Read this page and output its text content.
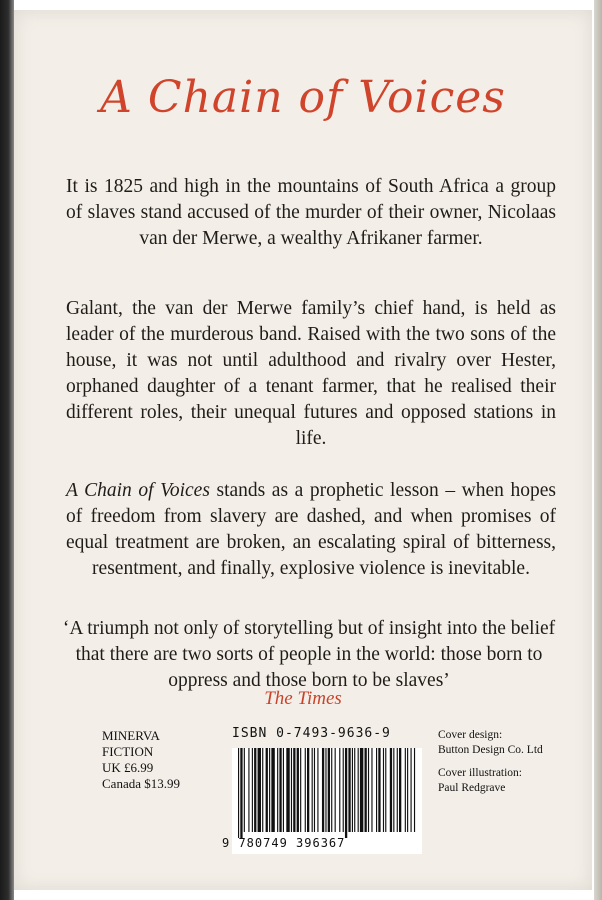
A Chain of Voices
It is 1825 and high in the mountains of South Africa a group of slaves stand accused of the murder of their owner, Nicolaas van der Merwe, a wealthy Afrikaner farmer.
Galant, the van der Merwe family’s chief hand, is held as leader of the murderous band. Raised with the two sons of the house, it was not until adulthood and rivalry over Hester, orphaned daughter of a tenant farmer, that he realised their different roles, their unequal futures and opposed stations in life.
A Chain of Voices stands as a prophetic lesson – when hopes of freedom from slavery are dashed, and when promises of equal treatment are broken, an escalating spiral of bitterness, resentment, and finally, explosive violence is inevitable.
‘A triumph not only of storytelling but of insight into the belief that there are two sorts of people in the world: those born to oppress and those born to be slaves’
The Times
MINERVA
FICTION
UK £6.99
Canada $13.99
ISBN 0-7493-9636-9
9 780749 396367
Cover design:
Button Design Co. Ltd
Cover illustration:
Paul Redgrave
